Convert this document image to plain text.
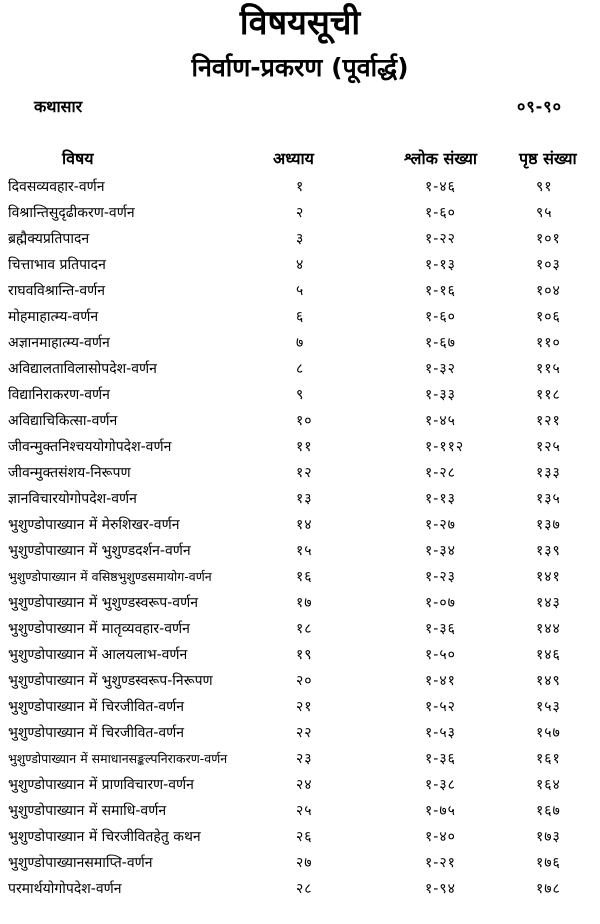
विषयसूची
निर्वाण-प्रकरण (पूर्वार्द्ध)
कथासार	०९-९०
विषय	अध्याय	श्लोक संख्या	पृष्ठ संख्या
दिवसव्यवहार-वर्णन	१	१-४६	९१
विश्रान्तिसुदृढीकरण-वर्णन	२	१-६०	९५
ब्रह्मैक्यप्रतिपादन	३	१-२२	१०१
चित्ताभाव प्रतिपादन	४	१-१३	१०३
राघवविश्रान्ति-वर्णन	५	१-१६	१०४
मोहमाहात्म्य-वर्णन	६	१-६०	१०६
अज्ञानमाहात्म्य-वर्णन	७	१-६७	११०
अविद्यालताविलासोपदेश-वर्णन	८	१-३२	११५
विद्यानिराकरण-वर्णन	९	१-३३	११८
अविद्याचिकित्सा-वर्णन	१०	१-४५	१२१
जीवन्मुक्तनिश्चययोगोपदेश-वर्णन	११	१-११२	१२५
जीवन्मुक्तसंशय-निरूपण	१२	१-२८	१३३
ज्ञानविचारयोगोपदेश-वर्णन	१३	१-१३	१३५
भुशुण्डोपाख्यान में मेरुशिखर-वर्णन	१४	१-२७	१३७
भुशुण्डोपाख्यान में भुशुण्डदर्शन-वर्णन	१५	१-३४	१३९
भुशुण्डोपाख्यान में वसिष्ठभुशुण्डसमायोग-वर्णन	१६	१-२३	१४१
भुशुण्डोपाख्यान में भुशुण्डस्वरूप-वर्णन	१७	१-०७	१४३
भुशुण्डोपाख्यान में मातृव्यवहार-वर्णन	१८	१-३६	१४४
भुशुण्डोपाख्यान में आलयलाभ-वर्णन	१९	१-५०	१४६
भुशुण्डोपाख्यान में भुशुण्डस्वरूप-निरूपण	२०	१-४१	१४९
भुशुण्डोपाख्यान में चिरजीवित-वर्णन	२१	१-५२	१५३
भुशुण्डोपाख्यान में चिरजीवित-वर्णन	२२	१-५३	१५७
भुशुण्डोपाख्यान में समाधानसङ्कल्पनिराकरण-वर्णन	२३	१-३६	१६१
भुशुण्डोपाख्यान में प्राणविचारण-वर्णन	२४	१-३८	१६४
भुशुण्डोपाख्यान में समाधि-वर्णन	२५	१-७५	१६७
भुशुण्डोपाख्यान में चिरजीवितहेतु कथन	२६	१-४०	१७३
भुशुण्डोपाख्यानसमाप्ति-वर्णन	२७	१-२१	१७६
परमार्थयोगोपदेश-वर्णन	२८	१-९४	१७८
